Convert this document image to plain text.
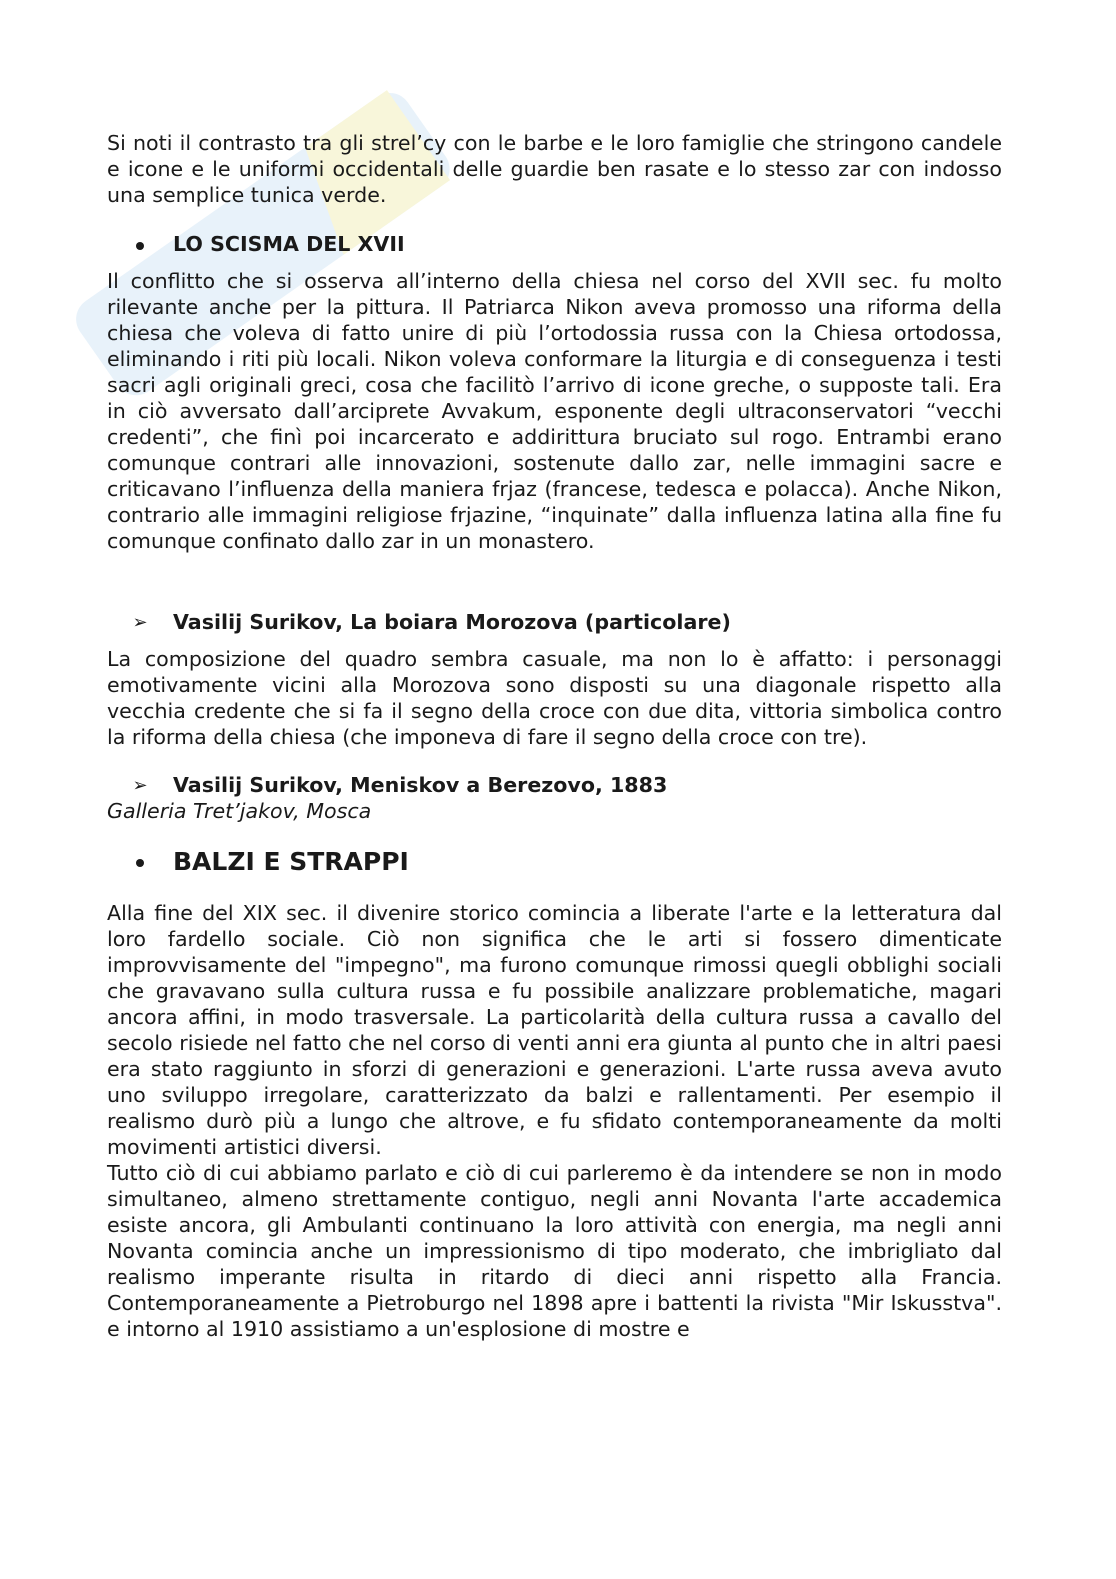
Si noti il contrasto tra gli strel’cy con le barbe e le loro famiglie che stringono candele e icone e le uniformi occidentali delle guardie ben rasate e lo stesso zar con indosso una semplice tunica verde.

LO SCISMA DEL XVII

Il conflitto che si osserva all’interno della chiesa nel corso del XVII sec. fu molto rilevante anche per la pittura. Il Patriarca Nikon aveva promosso una riforma della chiesa che voleva di fatto unire di più l’ortodossia russa con la Chiesa ortodossa, eliminando i riti più locali. Nikon voleva conformare la liturgia e di conseguenza i testi sacri agli originali greci, cosa che facilitò l’arrivo di icone greche, o supposte tali. Era in ciò avversato dall’arciprete Avvakum, esponente degli ultraconservatori “vecchi credenti”, che finì poi incarcerato e addirittura bruciato sul rogo. Entrambi erano comunque contrari alle innovazioni, sostenute dallo zar, nelle immagini sacre e criticavano l’influenza della maniera frjaz (francese, tedesca e polacca). Anche Nikon, contrario alle immagini religiose frjazine, “inquinate” dalla influenza latina alla fine fu comunque confinato dallo zar in un monastero.

➢	Vasilij Surikov, La boiara Morozova (particolare)

La composizione del quadro sembra casuale, ma non lo è affatto: i personaggi emotivamente vicini alla Morozova sono disposti su una diagonale rispetto alla vecchia credente che si fa il segno della croce con due dita, vittoria simbolica contro la riforma della chiesa (che imponeva di fare il segno della croce con tre).

➢	Vasilij Surikov, Meniskov a Berezovo, 1883
Galleria Tret’jakov, Mosca
BALZI E STRAPPI

Alla fine del XIX sec. il divenire storico comincia a liberate l'arte e la letteratura dal loro fardello sociale. Ciò non significa che le arti si fossero dimenticate improvvisamente del "impegno", ma furono comunque rimossi quegli obblighi sociali che gravavano sulla cultura russa e fu possibile analizzare problematiche, magari ancora affini, in modo trasversale. La particolarità della cultura russa a cavallo del secolo risiede nel fatto che nel corso di venti anni era giunta al punto che in altri paesi era stato raggiunto in sforzi di generazioni e generazioni. L'arte russa aveva avuto uno sviluppo irregolare, caratterizzato da balzi e rallentamenti. Per esempio il realismo durò più a lungo che altrove, e fu sfidato contemporaneamente da molti movimenti artistici diversi.

Tutto ciò di cui abbiamo parlato e ciò di cui parleremo è da intendere se non in modo simultaneo, almeno strettamente contiguo, negli anni Novanta l'arte accademica esiste ancora, gli Ambulanti continuano la loro attività con energia, ma negli anni Novanta comincia anche un impressionismo di tipo moderato, che imbrigliato dal realismo imperante risulta in ritardo di dieci anni rispetto alla Francia. Contemporaneamente a Pietroburgo nel 1898 apre i battenti la rivista "Mir Iskusstva". e intorno al 1910 assistiamo a un'esplosione di mostre e
